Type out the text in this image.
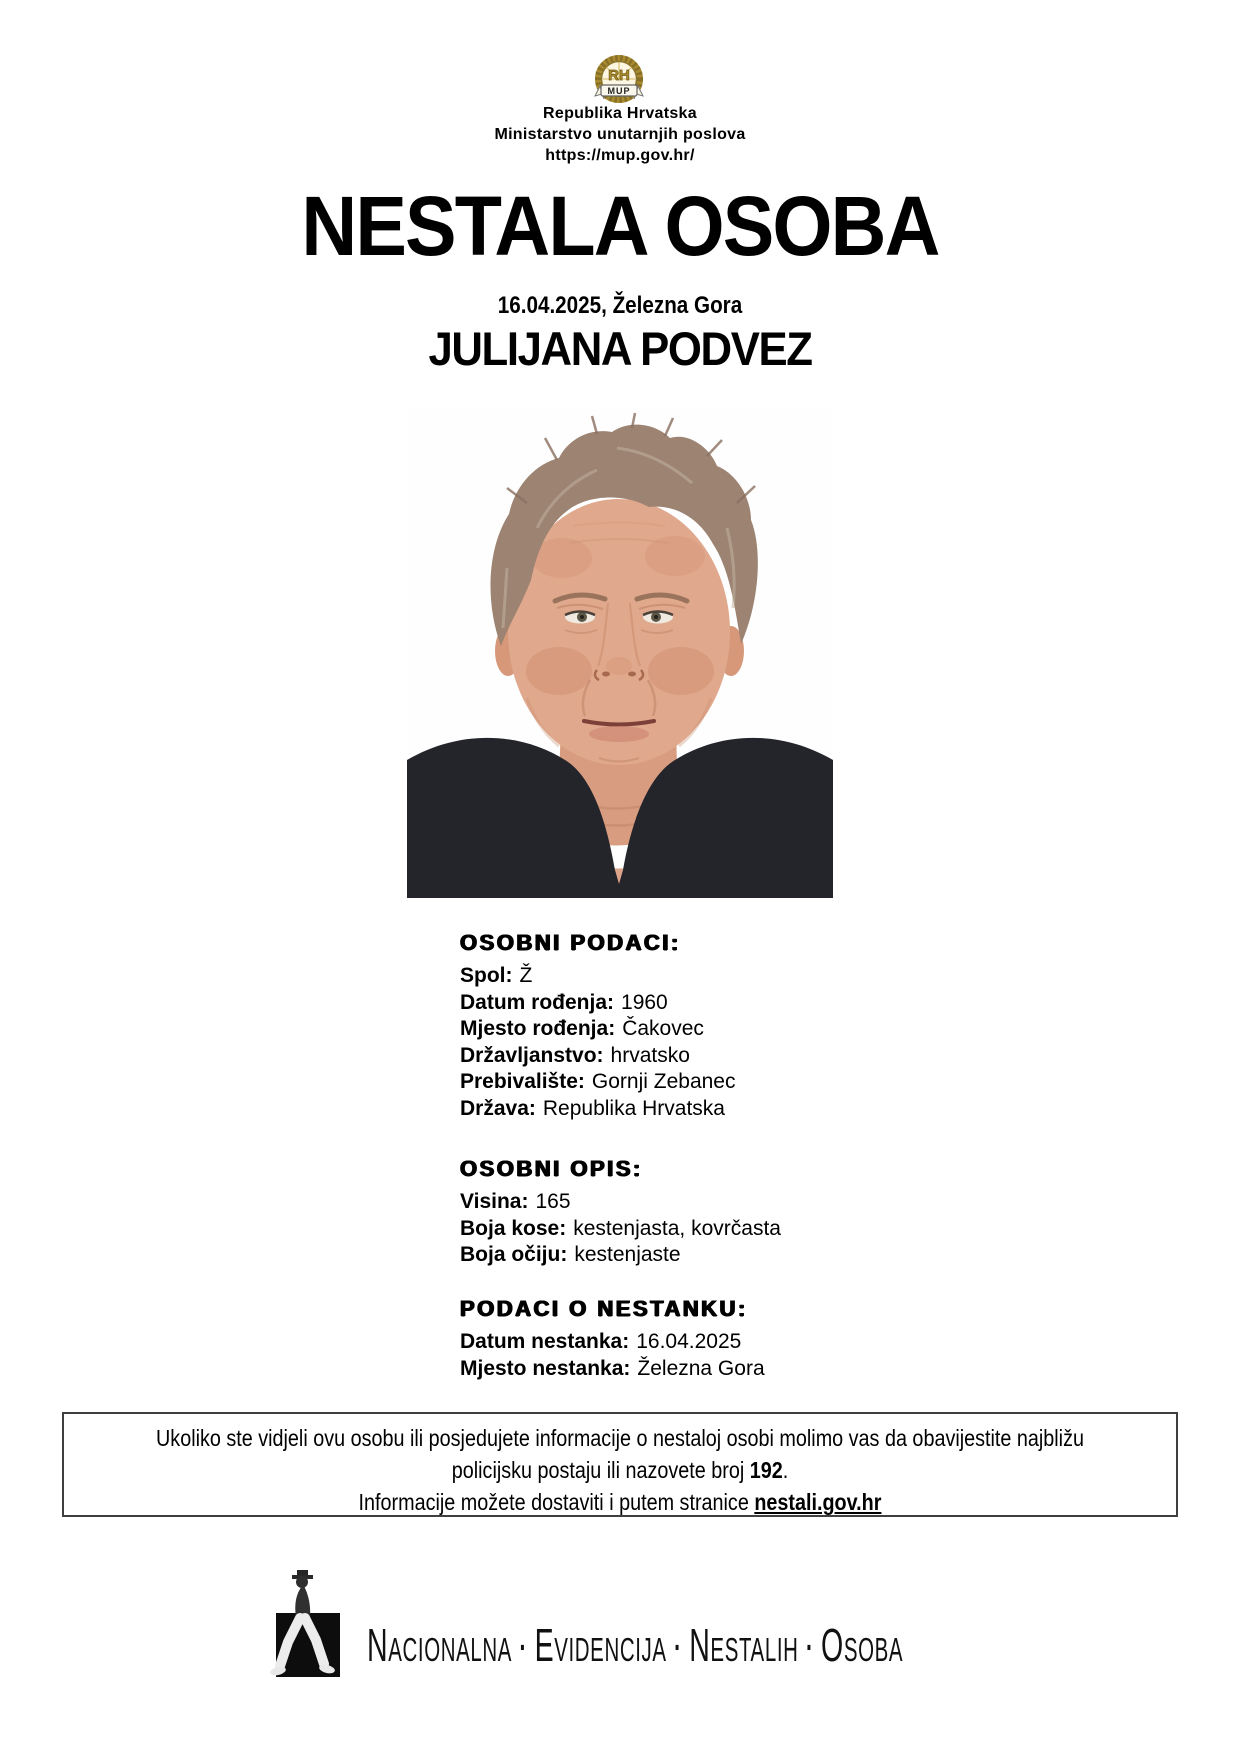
RH
MUP
Republika Hrvatska
Ministarstvo unutarnjih poslova
https://mup.gov.hr/
NESTALA OSOBA
16.04.2025, Železna Gora
JULIJANA PODVEZ
OSOBNI PODACI:
Spol: Ž
Datum rođenja: 1960
Mjesto rođenja: Čakovec
Državljanstvo: hrvatsko
Prebivalište: Gornji Zebanec
Država: Republika Hrvatska
OSOBNI OPIS:
Visina: 165
Boja kose: kestenjasta, kovrčasta
Boja očiju: kestenjaste
PODACI O NESTANKU:
Datum nestanka: 16.04.2025
Mjesto nestanka: Železna Gora
Ukoliko ste vidjeli ovu osobu ili posjedujete informacije o nestaloj osobi molimo vas da obavijestite najbližu
policijsku postaju ili nazovete broj 192.
Informacije možete dostaviti i putem stranice nestali.gov.hr
NACIONALNA · EVIDENCIJA · NESTALIH · OSOBA
